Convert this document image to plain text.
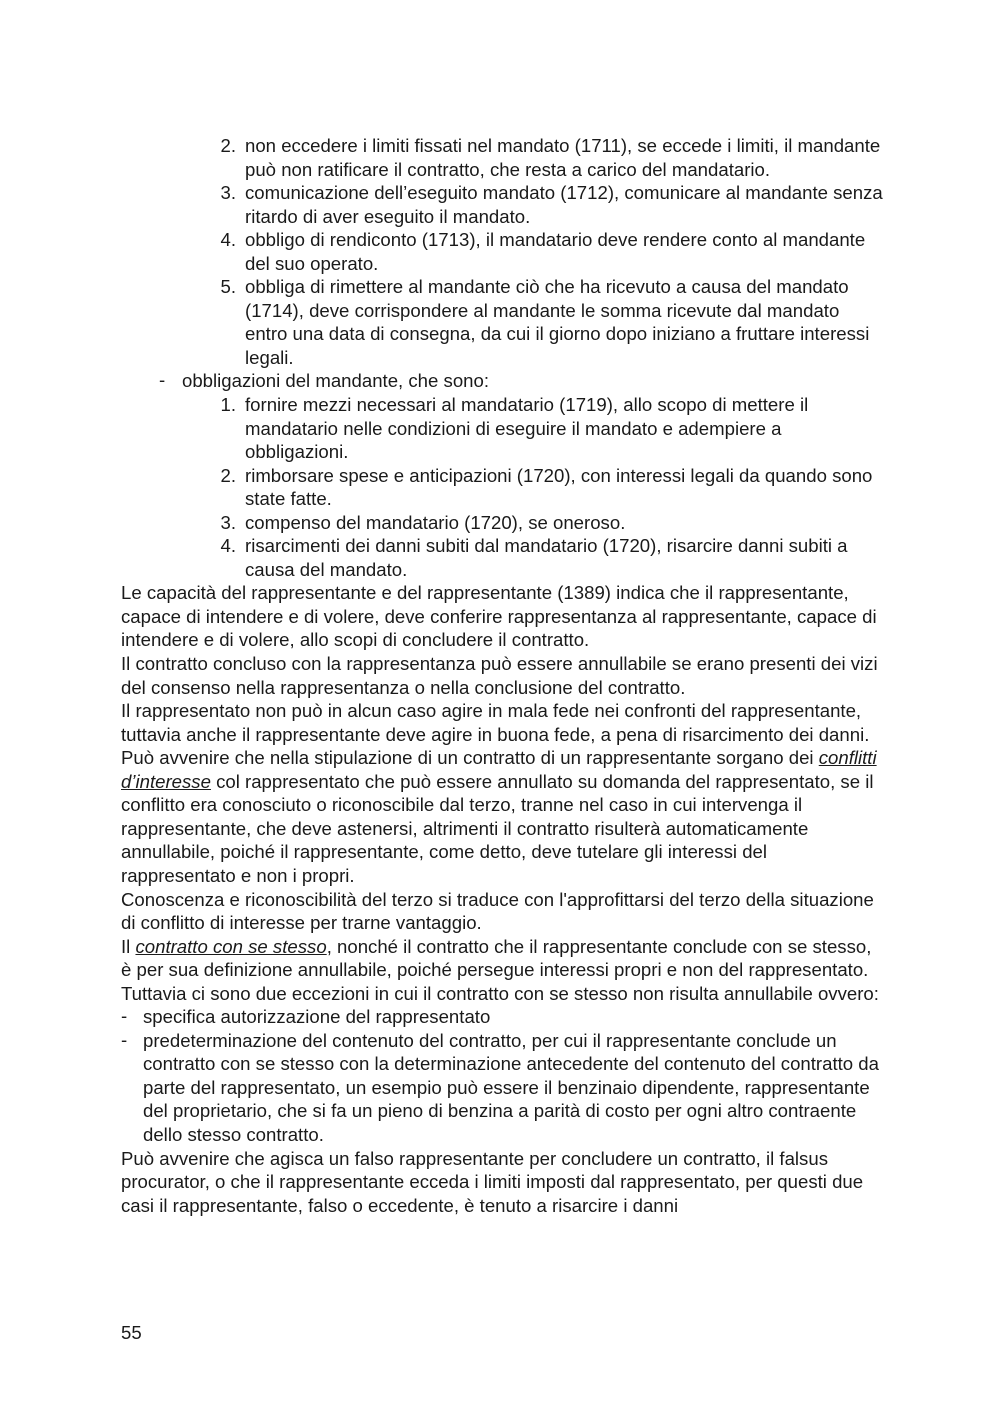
2 . non eccedere i limiti fissati nel mandato (1711), se eccede i limiti, il mandante può non ratificare il contratto, che resta a carico del mandatario.
3 . comunicazione dell’eseguito mandato (1712), comunicare al mandante senza ritardo di aver eseguito il mandato.
4 . obbligo di rendiconto (1713), il mandatario deve rendere conto al mandante del suo operato.
5 . obbliga di rimettere al mandante ciò che ha ricevuto a causa del mandato (1714), deve corrispondere al mandante le somma ricevute dal mandato entro una data di consegna, da cui il giorno dopo iniziano a fruttare interessi legali.
- obbligazioni del mandante, che sono:
1 . fornire mezzi necessari al mandatario (1719), allo scopo di mettere il mandatario nelle condizioni di eseguire il mandato e adempiere a obbligazioni.
2 . rimborsare spese e anticipazioni (1720), con interessi legali da quando sono state fatte.
3 . compenso del mandatario (1720), se oneroso.
4 . risarcimenti dei danni subiti dal mandatario (1720), risarcire danni subiti a causa del mandato.

Le capacità del rappresentante e del rappresentante (1389) indica che il rappresentante, capace di intendere e di volere, deve conferire rappresentanza al rappresentante, capace di intendere e di volere, allo scopi di concludere il contratto.

Il contratto concluso con la rappresentanza può essere annullabile se erano presenti dei vizi del consenso nella rappresentanza o nella conclusione del contratto.

Il rappresentato non può in alcun caso agire in mala fede nei confronti del rappresentante, tuttavia anche il rappresentante deve agire in buona fede, a pena di risarcimento dei danni.

Può avvenire che nella stipulazione di un contratto di un rappresentante sorgano dei conflitti d’interesse col rappresentato che può essere annullato su domanda del rappresentato, se il conflitto era conosciuto o riconoscibile dal terzo, tranne nel caso in cui intervenga il rappresentante, che deve astenersi, altrimenti il contratto risulterà automaticamente annullabile, poiché il rappresentante, come detto, deve tutelare gli interessi del rappresentato e non i propri.

Conoscenza e riconoscibilità del terzo si traduce con l'approfittarsi del terzo della situazione di conflitto di interesse per trarne vantaggio.

Il contratto con se stesso, nonché il contratto che il rappresentante conclude con se stesso, è per sua definizione annullabile, poiché persegue interessi propri e non del rappresentato. Tuttavia ci sono due eccezioni in cui il contratto con se stesso non risulta annullabile ovvero:

- specifica autorizzazione del rappresentato
- predeterminazione del contenuto del contratto, per cui il rappresentante conclude un contratto con se stesso con la determinazione antecedente del contenuto del contratto da parte del rappresentato, un esempio può essere il benzinaio dipendente, rappresentante del proprietario, che si fa un pieno di benzina a parità di costo per ogni altro contraente dello stesso contratto.

Può avvenire che agisca un falso rappresentante per concludere un contratto, il falsus procurator, o che il rappresentante ecceda i limiti imposti dal rappresentato, per questi due casi il rappresentante, falso o eccedente, è tenuto a risarcire i danni

55
